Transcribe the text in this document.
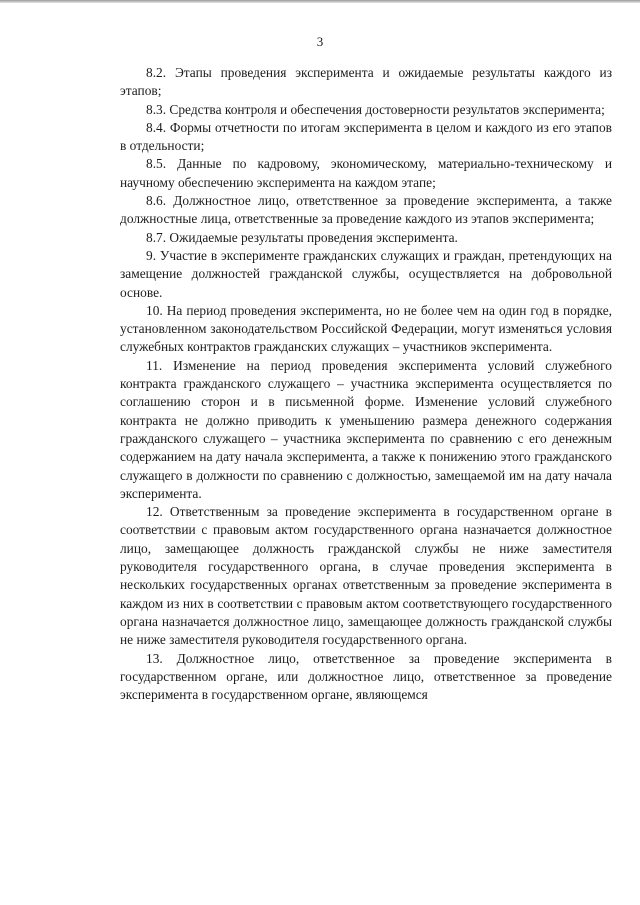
3

8.2. Этапы проведения эксперимента и ожидаемые результаты каждого из этапов;

8.3. Средства контроля и обеспечения достоверности результатов эксперимента;

8.4. Формы отчетности по итогам эксперимента в целом и каждого из его этапов в отдельности;

8.5. Данные по кадровому, экономическому, материально-техническому и научному обеспечению эксперимента на каждом этапе;

8.6. Должностное лицо, ответственное за проведение эксперимента, а также должностные лица, ответственные за проведение каждого из этапов эксперимента;

8.7. Ожидаемые результаты проведения эксперимента.

9. Участие в эксперименте гражданских служащих и граждан, претендующих на замещение должностей гражданской службы, осуществляется на добровольной основе.

10. На период проведения эксперимента, но не более чем на один год в порядке, установленном законодательством Российской Федерации, могут изменяться условия служебных контрактов гражданских служащих – участников эксперимента.

11. Изменение на период проведения эксперимента условий служебного контракта гражданского служащего – участника эксперимента осуществляется по соглашению сторон и в письменной форме. Изменение условий служебного контракта не должно приводить к уменьшению размера денежного содержания гражданского служащего – участника эксперимента по сравнению с его денежным содержанием на дату начала эксперимента, а также к понижению этого гражданского служащего в должности по сравнению с должностью, замещаемой им на дату начала эксперимента.

12. Ответственным за проведение эксперимента в государственном органе в соответствии с правовым актом государственного органа назначается должностное лицо, замещающее должность гражданской службы не ниже заместителя руководителя государственного органа, в случае проведения эксперимента в нескольких государственных органах ответственным за проведение эксперимента в каждом из них в соответствии с правовым актом соответствующего государственного органа назначается должностное лицо, замещающее должность гражданской службы не ниже заместителя руководителя государственного органа.

13. Должностное лицо, ответственное за проведение эксперимента в государственном органе, или должностное лицо, ответственное за проведение эксперимента в государственном органе, являющемся
